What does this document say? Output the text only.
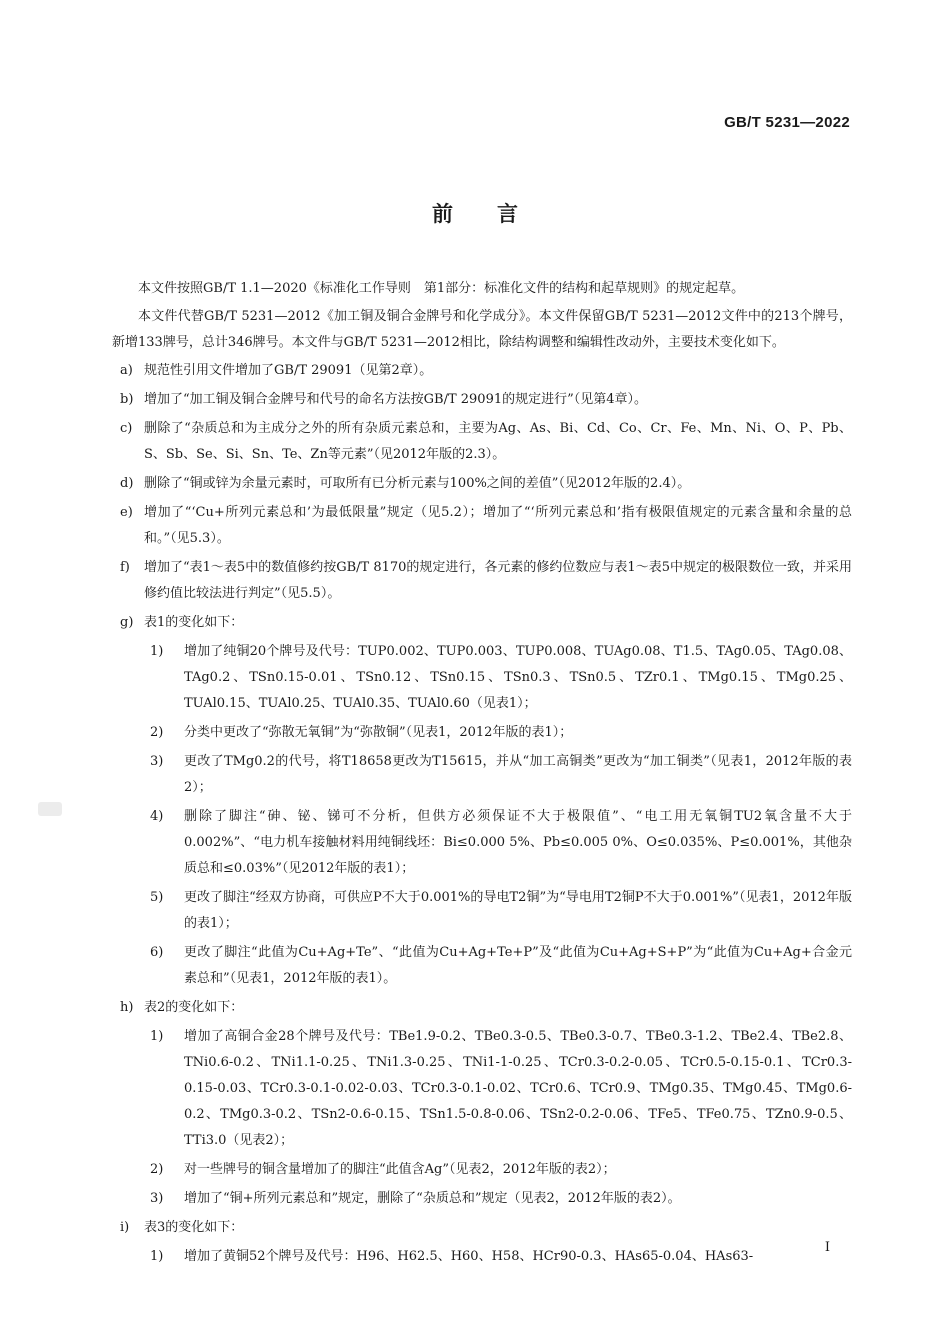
GB/T 5231—2022
前言

本文件按照GB/T 1.1—2020《标准化工作导则　第1部分：标准化文件的结构和起草规则》的规定起草。

本文件代替GB/T 5231—2012《加工铜及铜合金牌号和化学成分》。本文件保留GB/T 5231—2012文件中的213个牌号，新增133牌号，总计346牌号。本文件与GB/T 5231—2012相比，除结构调整和编辑性改动外，主要技术变化如下。

a) 规范性引用文件增加了GB/T 29091（见第2章）。
b) 增加了“加工铜及铜合金牌号和代号的命名方法按GB/T 29091的规定进行”（见第4章）。
c) 删除了“杂质总和为主成分之外的所有杂质元素总和，主要为Ag、As、Bi、Cd、Co、Cr、Fe、Mn、Ni、O、P、Pb、S、Sb、Se、Si、Sn、Te、Zn等元素”（见2012年版的2.3）。
d) 删除了“铜或锌为余量元素时，可取所有已分析元素与100%之间的差值”（见2012年版的2.4）。
e) 增加了“‘Cu+所列元素总和’为最低限量”规定（见5.2）；增加了“‘所列元素总和’指有极限值规定的元素含量和余量的总和。”（见5.3）。
f)	增加了“表1～表5中的数值修约按GB/T 8170的规定进行，各元素的修约位数应与表1～表5中规定的极限数位一致，并采用修约值比较法进行判定”（见5.5）。
g) 表1的变化如下：
1)	增加了纯铜20个牌号及代号：TUP0.002、TUP0.003、TUP0.008、TUAg0.08、T1.5、TAg0.05、TAg0.08、TAg0.2、TSn0.15-0.01、TSn0.12、TSn0.15、TSn0.3、TSn0.5、TZr0.1、TMg0.15、TMg0.25、TUAl0.15、TUAl0.25、TUAl0.35、TUAl0.60（见表1）；
2)	分类中更改了“弥散无氧铜”为“弥散铜”（见表1，2012年版的表1）；
3)	更改了TMg0.2的代号，将T18658更改为T15615，并从“加工高铜类”更改为“加工铜类”（见表1，2012年版的表2）；
4)	删除了脚注“砷、铋、锑可不分析，但供方必须保证不大于极限值”、“电工用无氧铜TU2氧含量不大于0.002%”、“电力机车接触材料用纯铜线坯：Bi≤0.000 5%、Pb≤0.005 0%、O≤0.035%、P≤0.001%，其他杂质总和≤0.03%”（见2012年版的表1）；
5)	更改了脚注“经双方协商，可供应P不大于0.001%的导电T2铜”为“导电用T2铜P不大于0.001%”（见表1，2012年版的表1）；
6)	更改了脚注“此值为Cu+Ag+Te”、“此值为Cu+Ag+Te+P”及“此值为Cu+Ag+S+P”为“此值为Cu+Ag+合金元素总和”（见表1，2012年版的表1）。
h) 表2的变化如下：
1)	增加了高铜合金28个牌号及代号：TBe1.9-0.2、TBe0.3-0.5、TBe0.3-0.7、TBe0.3-1.2、TBe2.4、TBe2.8、TNi0.6-0.2、TNi1.1-0.25、TNi1.3-0.25、TNi1-1-0.25、TCr0.3-0.2-0.05、TCr0.5-0.15-0.1、TCr0.3-0.15-0.03、TCr0.3-0.1-0.02-0.03、TCr0.3-0.1-0.02、TCr0.6、TCr0.9、TMg0.35、TMg0.45、TMg0.6-0.2、TMg0.3-0.2、TSn2-0.6-0.15、TSn1.5-0.8-0.06、TSn2-0.2-0.06、TFe5、TFe0.75、TZn0.9-0.5、TTi3.0（见表2）；
2)	对一些牌号的铜含量增加了的脚注“此值含Ag”（见表2，2012年版的表2）；
3)	增加了“铜+所列元素总和”规定，删除了“杂质总和”规定（见表2，2012年版的表2）。
i)	表3的变化如下：
1)	增加了黄铜52个牌号及代号：H96、H62.5、H60、H58、HCr90-0.3、HAs65-0.04、HAs63-
I
